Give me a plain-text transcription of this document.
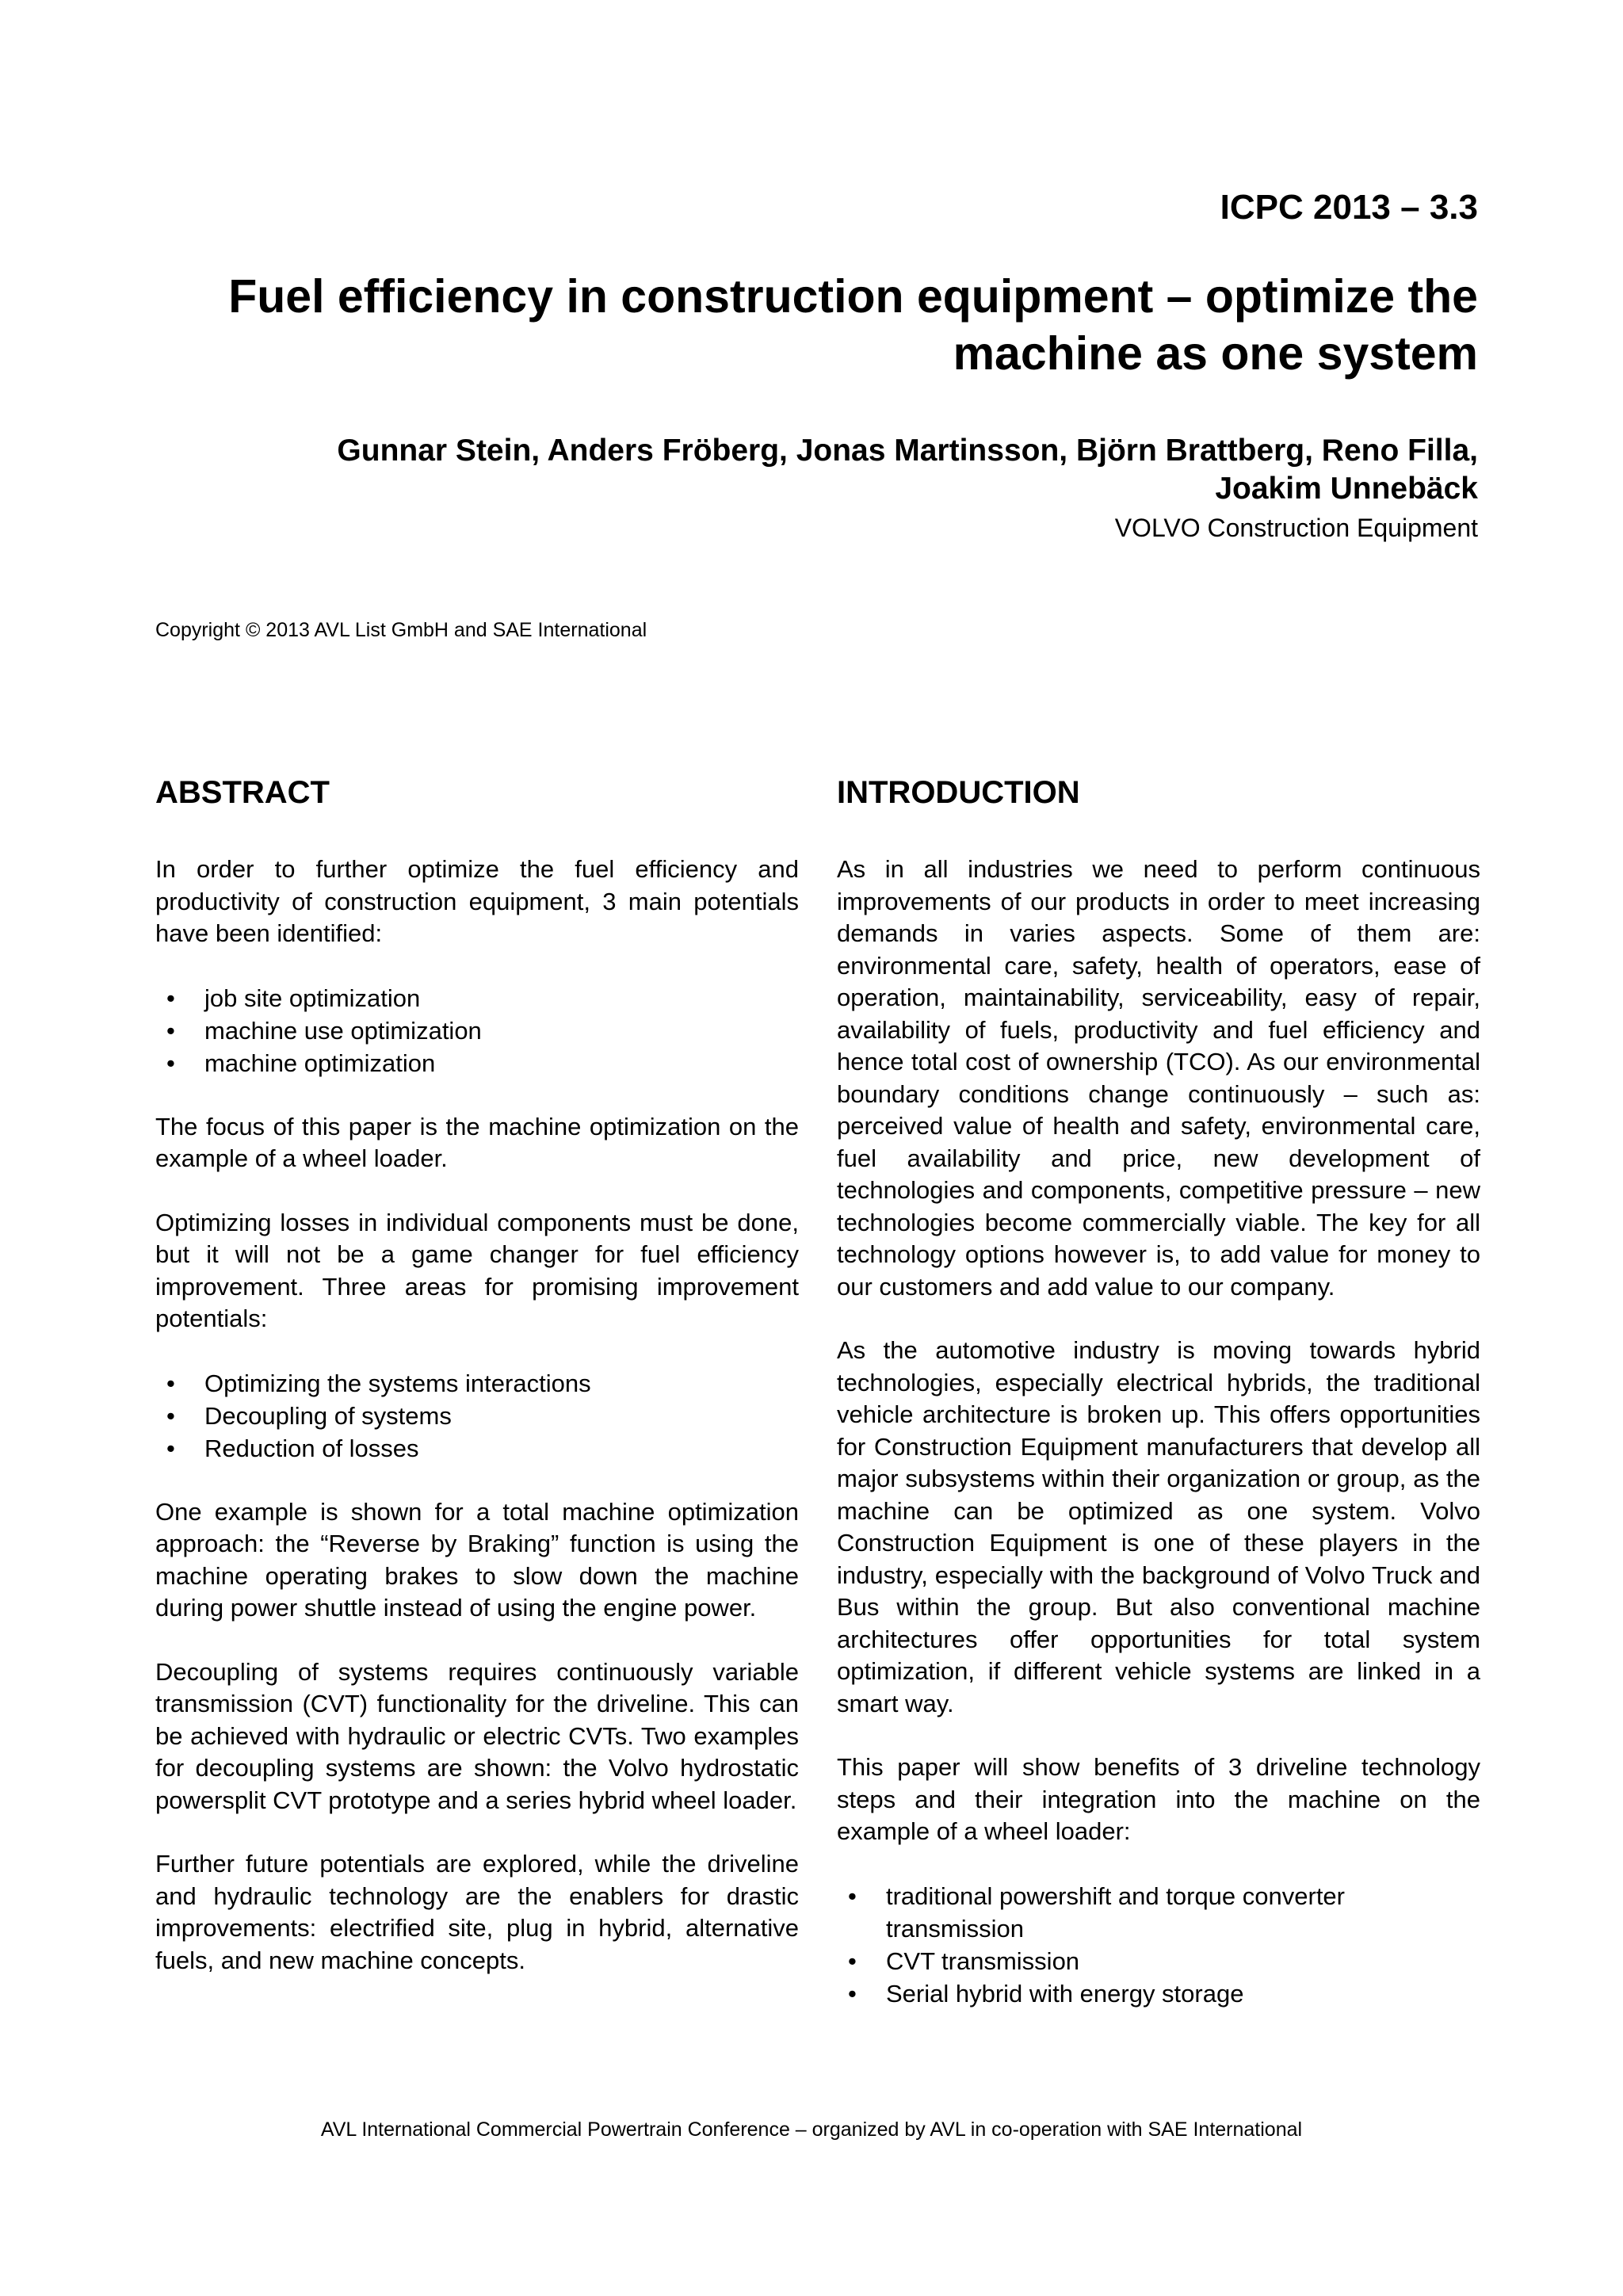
ICPC 2013 – 3.3

Fuel efficiency in construction equipment – optimize the machine as one system
Gunnar Stein, Anders Fröberg, Jonas Martinsson, Björn Brattberg, Reno Filla,
Joakim Unnebäck

VOLVO Construction Equipment

Copyright © 2013 AVL List GmbH and SAE International

ABSTRACT

In order to further optimize the fuel efficiency and productivity of construction equipment, 3 main potentials have been identified:

• job site optimization
• machine use optimization
• machine optimization

The focus of this paper is the machine optimization on the example of a wheel loader.

Optimizing losses in individual components must be done, but it will not be a game changer for fuel efficiency improvement. Three areas for promising improvement potentials:

• Optimizing the systems interactions
• Decoupling of systems
• Reduction of losses

One example is shown for a total machine optimization approach: the “Reverse by Braking” function is using the machine operating brakes to slow down the machine during power shuttle instead of using the engine power.

Decoupling of systems requires continuously variable transmission (CVT) functionality for the driveline. This can be achieved with hydraulic or electric CVTs. Two examples for decoupling systems are shown: the Volvo hydrostatic powersplit CVT prototype and a series hybrid wheel loader.

Further future potentials are explored, while the driveline and hydraulic technology are the enablers for drastic improvements: electrified site, plug in hybrid, alternative fuels, and new machine concepts.

INTRODUCTION

As in all industries we need to perform continuous improvements of our products in order to meet increasing demands in varies aspects. Some of them are: environmental care, safety, health of operators, ease of operation, maintainability, serviceability, easy of repair, availability of fuels, productivity and fuel efficiency and hence total cost of ownership (TCO). As our environmental boundary conditions change continuously – such as: perceived value of health and safety, environmental care, fuel availability and price, new development of technologies and components, competitive pressure – new technologies become commercially viable. The key for all technology options however is, to add value for money to our customers and add value to our company.

As the automotive industry is moving towards hybrid technologies, especially electrical hybrids, the traditional vehicle architecture is broken up. This offers opportunities for Construction Equipment manufacturers that develop all major subsystems within their organization or group, as the machine can be optimized as one system. Volvo Construction Equipment is one of these players in the industry, especially with the background of Volvo Truck and Bus within the group. But also conventional machine architectures offer opportunities for total system optimization, if different vehicle systems are linked in a smart way.

This paper will show benefits of 3 driveline technology steps and their integration into the machine on the example of a wheel loader:

• traditional powershift and torque converter transmission
• CVT transmission
• Serial hybrid with energy storage

AVL International Commercial Powertrain Conference – organized by AVL in co-operation with SAE International
